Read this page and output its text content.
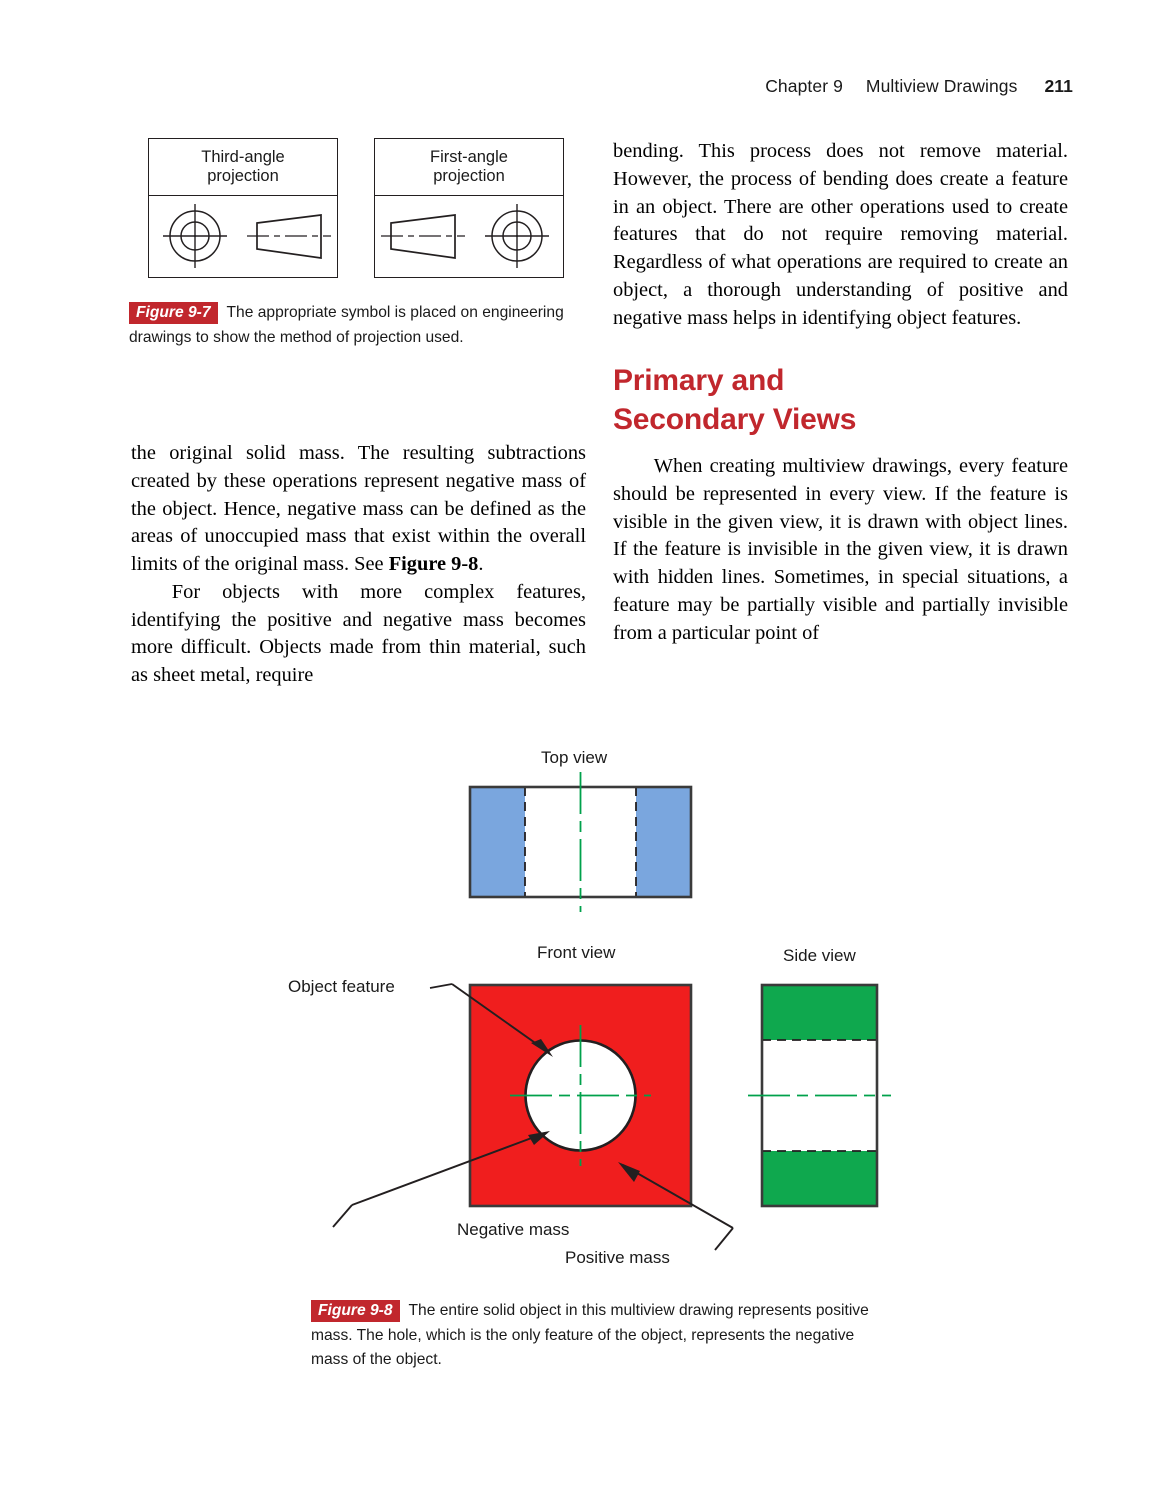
Chapter 9 Multiview Drawings 211
Third-angle
projection
First-angle
projection
Figure 9-7 The appropriate symbol is placed on engineering drawings to show the method of projection used.

the original solid mass. The resulting subtractions created by these operations represent negative mass of the object. Hence, negative mass can be defined as the areas of unoccupied mass that exist within the overall limits of the original mass. See Figure 9-8.

For objects with more complex features, identifying the positive and negative mass becomes more difficult. Objects made from thin material, such as sheet metal, require

bending. This process does not remove material. However, the process of bending does create a feature in an object. There are other operations used to create features that do not require removing material. Regardless of what operations are required to create an object, a thorough understanding of positive and negative mass helps in identifying object features.

Primary and
Secondary Views

When creating multiview drawings, every feature should be represented in every view. If the feature is visible in the given view, it is drawn with object lines. If the feature is invisible in the given view, it is drawn with hidden lines. Sometimes, in special situations, a feature may be partially visible and partially invisible from a particular point of

Top view
Front view	Side view
Object feature
Negative mass
Positive mass
Figure 9-8 The entire solid object in this multiview drawing represents positive mass. The hole, which is the only feature of the object, represents the negative mass of the object.
